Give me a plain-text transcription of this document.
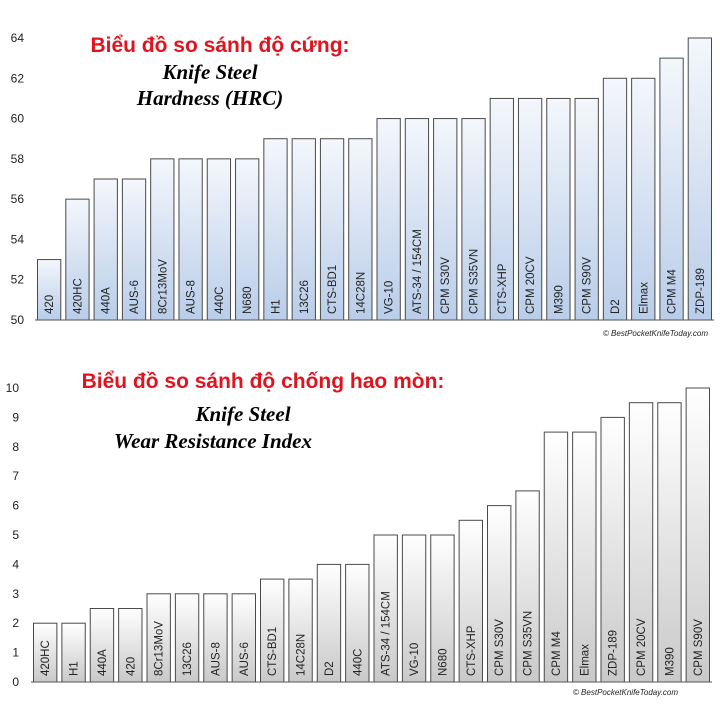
420 420HC 440A AUS-6 8Cr13MoV AUS-8 440C N680 H1 13C26 CTS-BD1 14C28N VG-10 ATS-34 / 154CM CPM S30V CPM S35VN CTS-XHP CPM 20CV M390 CPM S90V D2 Elmax CPM M4 ZDP-189
50
52
54
56
58
60
62
64	Biểu đồ so sánh độ cứng:
Knife Steel
Hardness (HRC)
© BestPocketKnifeToday.com
420HC H1 440A 420 8Cr13MoV 13C26 AUS-8 AUS-6 CTS-BD1 14C28N D2 440C ATS-34 / 154CM VG-10 N680 CTS-XHP CPM S30V CPM S35VN CPM M4 Elmax ZDP-189 CPM 20CV M390 CPM S90V
0
1
2
3
4
5
6
7
8
9
10	Biểu đồ so sánh độ chống hao mòn:
Knife Steel
Wear Resistance Index
© BestPocketKnifeToday.com
